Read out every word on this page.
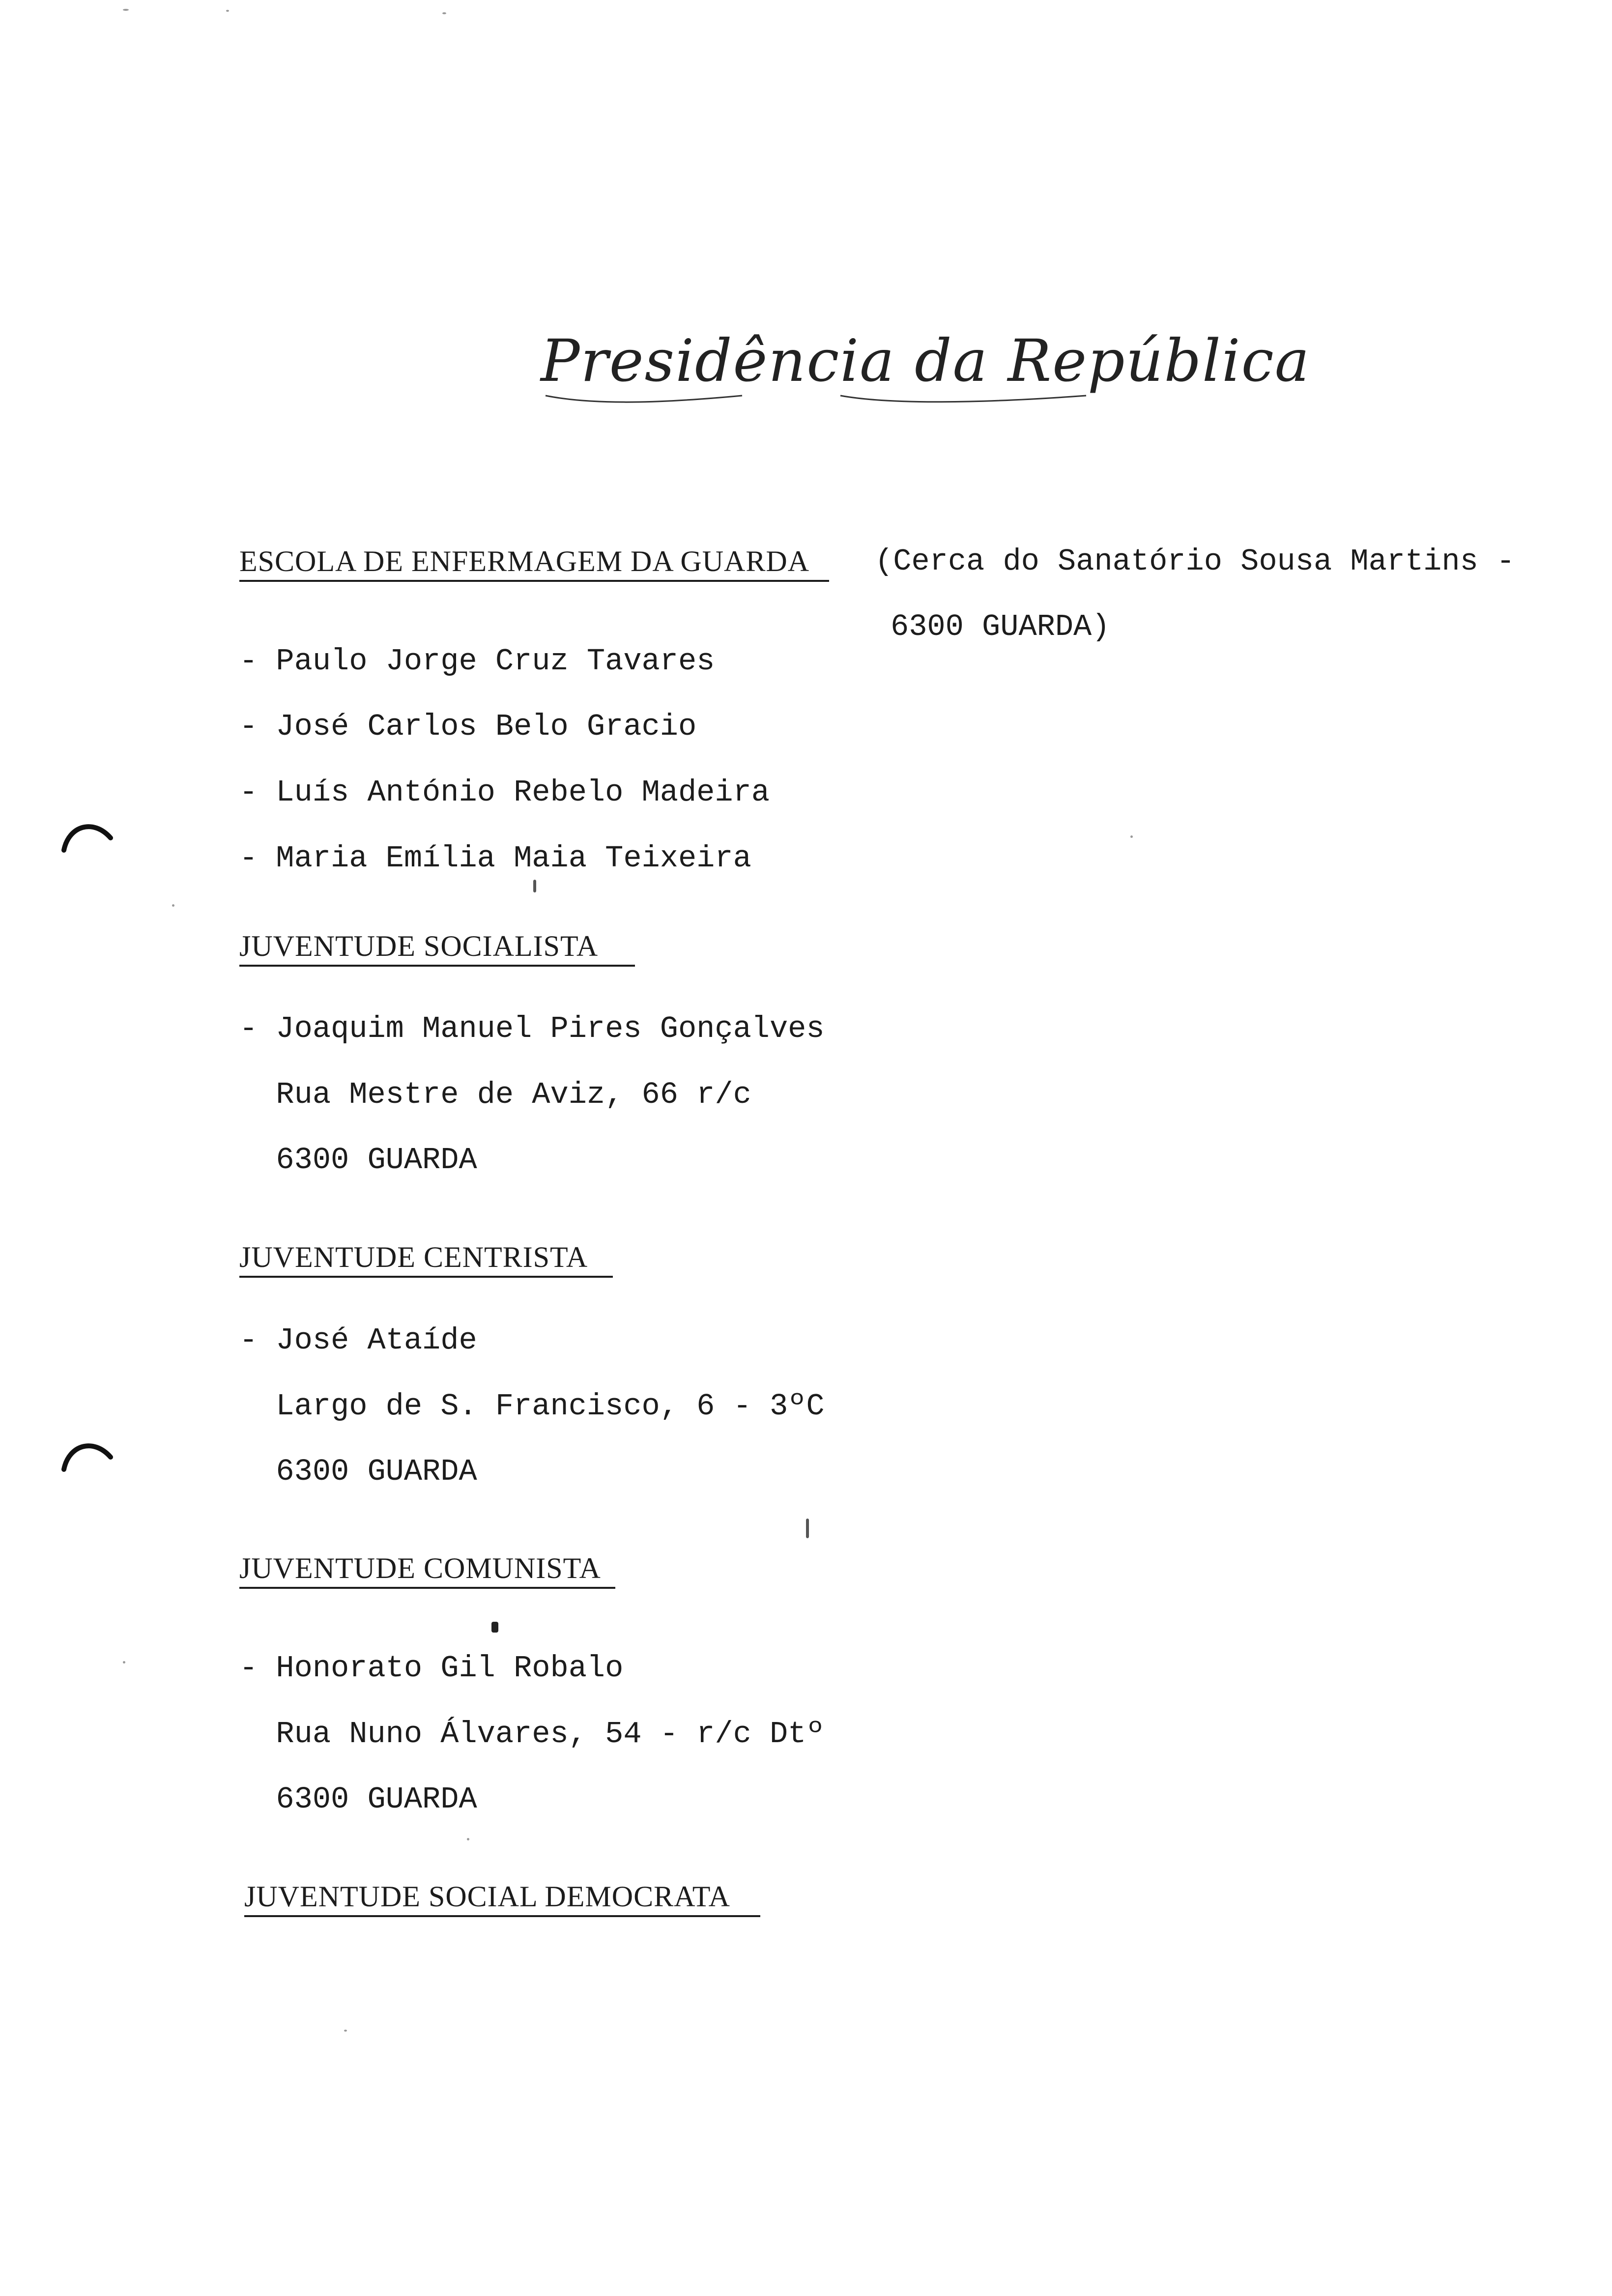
Presidência da República
ESCOLA DE ENFERMAGEM DA GUARDA (Cerca do Sanatório Sousa Martins -
6300 GUARDA)
- Paulo Jorge Cruz Tavares
- José Carlos Belo Gracio
- Luís António Rebelo Madeira
- Maria Emília Maia Teixeira
JUVENTUDE SOCIALISTA
- Joaquim Manuel Pires Gonçalves
Rua Mestre de Aviz, 66 r/c
6300 GUARDA
JUVENTUDE CENTRISTA
- José Ataíde
Largo de S. Francisco, 6 - 3ºC
6300 GUARDA
JUVENTUDE COMUNISTA
- Honorato Gil Robalo
Rua Nuno Álvares, 54 - r/c Dtº
6300 GUARDA
JUVENTUDE SOCIAL DEMOCRATA
